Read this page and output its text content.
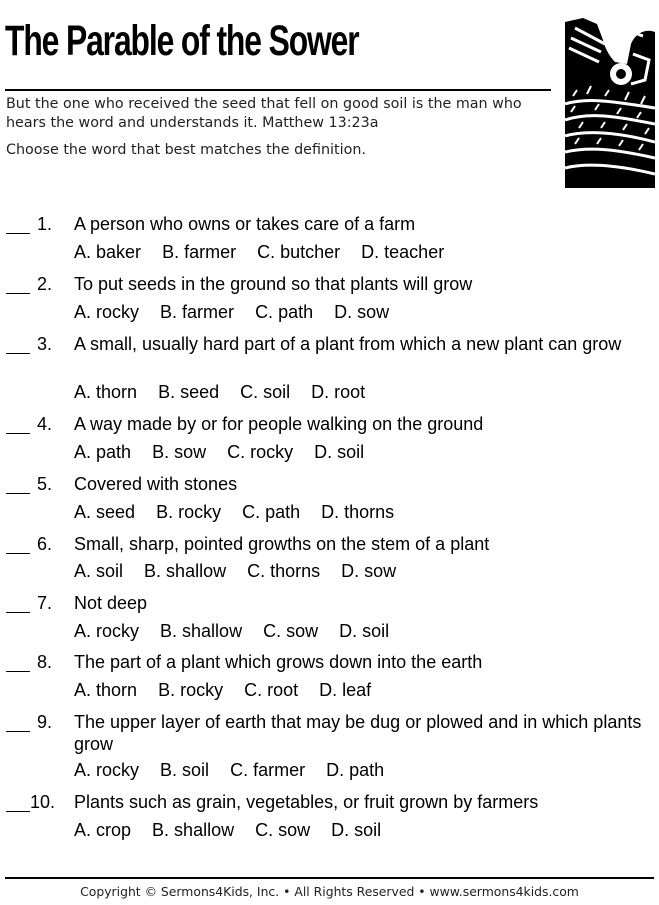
The Parable of the Sower
But the one who received the seed that fell on good soil is the man who hears the word and understands it. Matthew 13:23a
Choose the word that best matches the definition.
1. A person who owns or takes care of a farm
A. baker B. farmer C. butcher D. teacher
2. To put seeds in the ground so that plants will grow
A. rocky B. farmer C. path D. sow
3. A small, usually hard part of a plant from which a new plant can grow
A. thorn B. seed C. soil D. root
4. A way made by or for people walking on the ground
A. path B. sow C. rocky D. soil
5. Covered with stones
A. seed B. rocky C. path D. thorns
6. Small, sharp, pointed growths on the stem of a plant
A. soil B. shallow C. thorns D. sow
7. Not deep
A. rocky B. shallow C. sow D. soil
8. The part of a plant which grows down into the earth
A. thorn B. rocky C. root D. leaf
9. The upper layer of earth that may be dug or plowed and in which plants grow
A. rocky B. soil C. farmer D. path
10. Plants such as grain, vegetables, or fruit grown by farmers
A. crop B. shallow C. sow D. soil
Copyright © Sermons4Kids, Inc. • All Rights Reserved • www.sermons4kids.com
